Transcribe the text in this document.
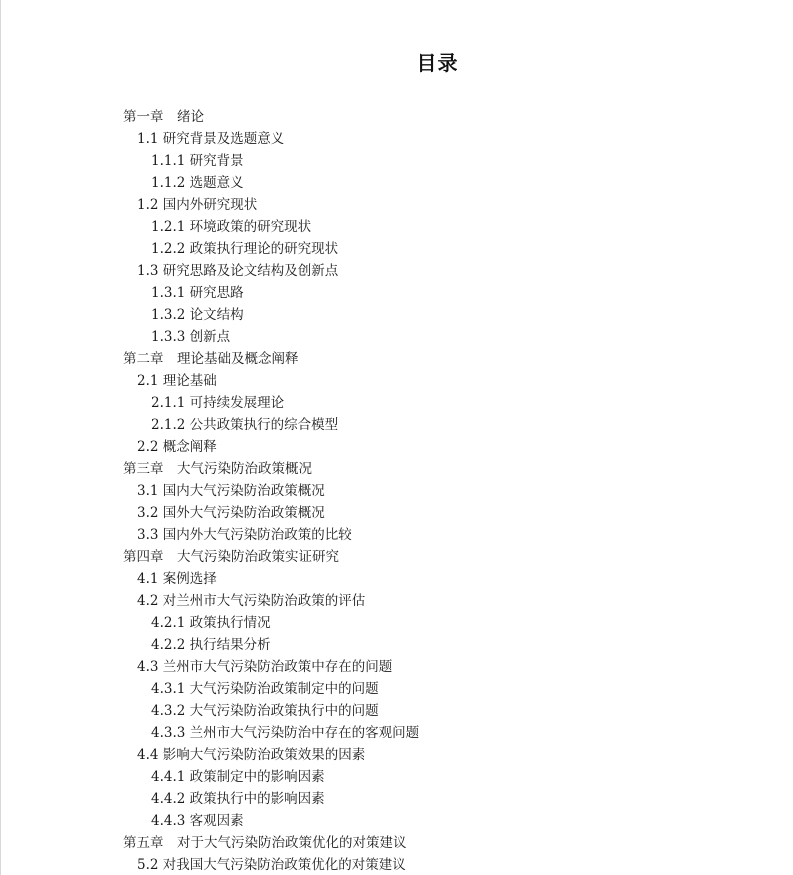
目录
第一章　绪论
1.1 研究背景及选题意义
1.1.1 研究背景
1.1.2 选题意义
1.2 国内外研究现状
1.2.1 环境政策的研究现状
1.2.2 政策执行理论的研究现状
1.3 研究思路及论文结构及创新点
1.3.1 研究思路
1.3.2 论文结构
1.3.3 创新点
第二章　理论基础及概念阐释
2.1 理论基础
2.1.1 可持续发展理论
2.1.2 公共政策执行的综合模型
2.2 概念阐释
第三章　大气污染防治政策概况
3.1 国内大气污染防治政策概况
3.2 国外大气污染防治政策概况
3.3 国内外大气污染防治政策的比较
第四章　大气污染防治政策实证研究
4.1 案例选择
4.2 对兰州市大气污染防治政策的评估
4.2.1 政策执行情况
4.2.2 执行结果分析
4.3 兰州市大气污染防治政策中存在的问题
4.3.1 大气污染防治政策制定中的问题
4.3.2 大气污染防治政策执行中的问题
4.3.3 兰州市大气污染防治中存在的客观问题
4.4 影响大气污染防治政策效果的因素
4.4.1 政策制定中的影响因素
4.4.2 政策执行中的影响因素
4.4.3 客观因素
第五章　对于大气污染防治政策优化的对策建议
5.2 对我国大气污染防治政策优化的对策建议
